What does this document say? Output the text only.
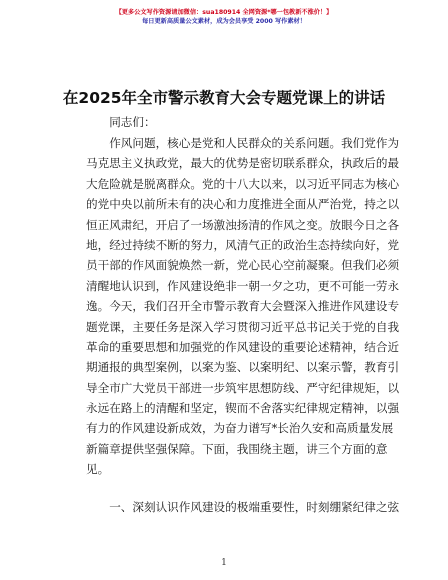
【更多公文写作资源请加微信：sua180914 全网资源*哪一包教新不涨价！】
每日更新高质量公文素材，成为会员享受 2000 写作素材！
在2025年全市警示教育大会专题党课上的讲话
同志们：
　　作风问题，核心是党和人民群众的关系问题。我们党作为
马克思主义执政党，最大的优势是密切联系群众，执政后的最
大危险就是脱离群众。党的十八大以来，以习近平同志为核心
的党中央以前所未有的决心和力度推进全面从严治党，持之以
恒正风肃纪，开启了一场激浊扬清的作风之变。放眼今日之各
地，经过持续不断的努力，风清气正的政治生态持续向好，党
员干部的作风面貌焕然一新，党心民心空前凝聚。但我们必须
清醒地认识到，作风建设绝非一朝一夕之功，更不可能一劳永
逸。今天，我们召开全市警示教育大会暨深入推进作风建设专
题党课，主要任务是深入学习贯彻习近平总书记关于党的自我
革命的重要思想和加强党的作风建设的重要论述精神，结合近
期通报的典型案例，以案为鉴、以案明纪、以案示警，教育引
导全市广大党员干部进一步筑牢思想防线、严守纪律规矩，以
永远在路上的清醒和坚定，锲而不舍落实纪律规定精神，以强
有力的作风建设新成效，为奋力谱写*长治久安和高质量发展
新篇章提供坚强保障。下面，我围绕主题，讲三个方面的意
见。
　　一、深刻认识作风建设的极端重要性，时刻绷紧纪律之弦
1
